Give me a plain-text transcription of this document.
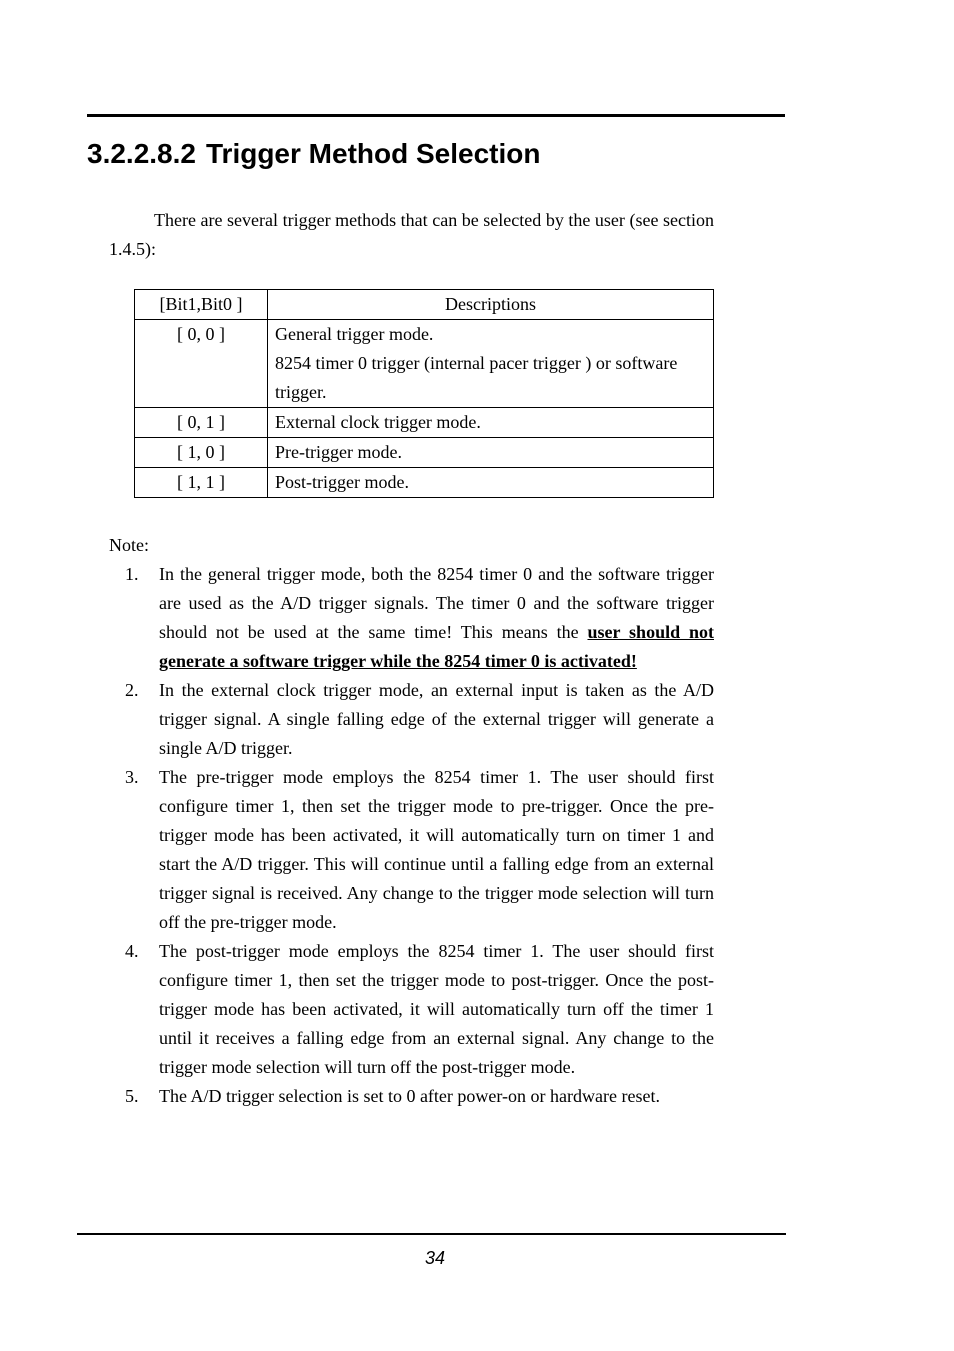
3.2.2.8.2 Trigger Method Selection

There are several trigger methods that can be selected by the user (see section 1.4.5):

[Bit1,Bit0 ]	Descriptions

[ 0, 0 ]	General trigger mode.
8254 timer 0 trigger (internal pacer trigger ) or software trigger.

[ 0, 1 ]	External clock trigger mode.

[ 1, 0 ]	Pre-trigger mode.

[ 1, 1 ]	Post-trigger mode.

Note:

1. In the general trigger mode, both the 8254 timer 0 and the software trigger are used as the A/D trigger signals. The timer 0 and the software trigger should not be used at the same time! This means the user should not generate a software trigger while the 8254 timer 0 is activated!
2. In the external clock trigger mode, an external input is taken as the A/D trigger signal. A single falling edge of the external trigger will generate a single A/D trigger.
3. The pre-trigger mode employs the 8254 timer 1. The user should first configure timer 1, then set the trigger mode to pre-trigger. Once the pre-trigger mode has been activated, it will automatically turn on timer 1 and start the A/D trigger. This will continue until a falling edge from an external trigger signal is received. Any change to the trigger mode selection will turn off the pre-trigger mode.
4. The post-trigger mode employs the 8254 timer 1. The user should first configure timer 1, then set the trigger mode to post-trigger. Once the post-trigger mode has been activated, it will automatically turn off the timer 1 until it receives a falling edge from an external signal. Any change to the trigger mode selection will turn off the post-trigger mode.
5. The A/D trigger selection is set to 0 after power-on or hardware reset.
34
